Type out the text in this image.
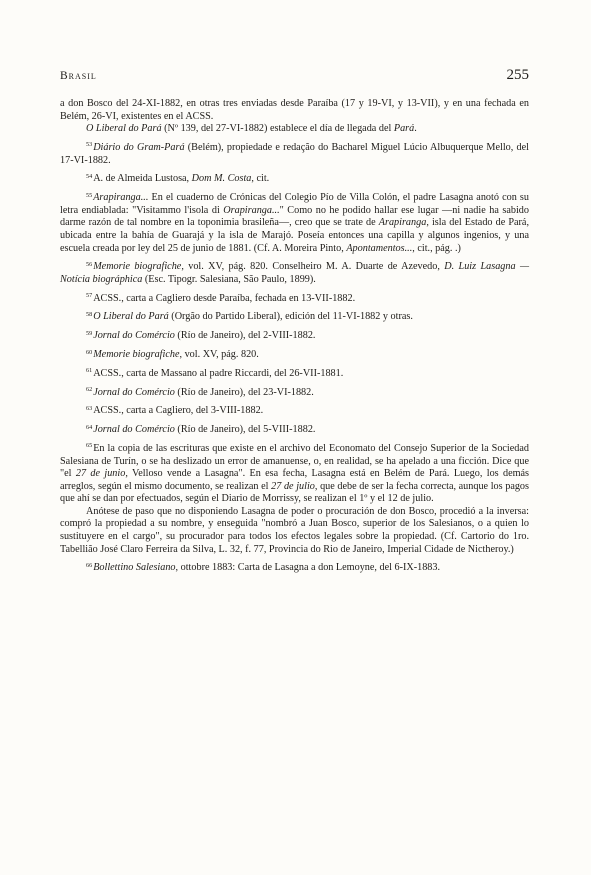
Brasil	255

a don Bosco del 24-XI-1882, en otras tres enviadas desde Paraíba (17 y 19-VI, y 13-VII), y en una fechada en Belém, 26-VI, existentes en el ACSS.

O Liberal do Pará (Nº 139, del 27-VI-1882) establece el día de llegada del Pará.

$^{53}$Diário do Gram-Pará (Belém), propiedade e redação do Bacharel Miguel Lúcio Albuquerque Mello, del 17-VI-1882.

$^{54}$A. de Almeida Lustosa, Dom M. Costa, cit.

$^{55}$Arapiranga... En el cuaderno de Crónicas del Colegio Pío de Villa Colón, el padre Lasagna anotó con su letra endiablada: "Visitammo l'isola di Orapiranga..." Como no he podido hallar ese lugar —ni nadie ha sabido darme razón de tal nombre en la toponimia brasileña—, creo que se trate de Arapiranga, isla del Estado de Pará, ubicada entre la bahía de Guarajá y la isla de Marajó. Poseía entonces una capilla y algunos ingenios, y una escuela creada por ley del 25 de junio de 1881. (Cf. A. Moreira Pinto, Apontamentos..., cit., pág. .)

$^{56}$Memorie biografiche, vol. XV, pág. 820. Conselheiro M. A. Duarte de Azevedo, D. Luiz Lasagna — Notícia biográphica (Esc. Tipogr. Salesiana, São Paulo, 1899).

$^{57}$ACSS., carta a Cagliero desde Paraíba, fechada en 13-VII-1882.

$^{58}$O Liberal do Pará (Orgão do Partido Liberal), edición del 11-VI-1882 y otras.

$^{59}$Jornal do Comércio (Río de Janeiro), del 2-VIII-1882.

$^{60}$Memorie biografiche, vol. XV, pág. 820.

$^{61}$ACSS., carta de Massano al padre Riccardi, del 26-VII-1881.

$^{62}$Jornal do Comércio (Río de Janeiro), del 23-VI-1882.

$^{63}$ACSS., carta a Cagliero, del 3-VIII-1882.

$^{64}$Jornal do Comércio (Río de Janeiro), del 5-VIII-1882.

$^{65}$En la copia de las escrituras que existe en el archivo del Economato del Consejo Superior de la Sociedad Salesiana de Turín, o se ha deslizado un error de amanuense, o, en realidad, se ha apelado a una ficción. Dice que "el 27 de junio, Velloso vende a Lasagna". En esa fecha, Lasagna está en Belém de Pará. Luego, los demás arreglos, según el mismo documento, se realizan el 27 de julio, que debe de ser la fecha correcta, aunque los pagos que ahí se dan por efectuados, según el Diario de Morrissy, se realizan el 1º y el 12 de julio.

Anótese de paso que no disponiendo Lasagna de poder o procuración de don Bosco, procedió a la inversa: compró la propiedad a su nombre, y enseguida "nombró a Juan Bosco, superior de los Salesianos, o a quien lo sustituyere en el cargo", su procurador para todos los efectos legales sobre la propiedad. (Cf. Cartorio do 1ro. Tabellião José Claro Ferreira da Silva, L. 32, f. 77, Provincia do Rio de Janeiro, Imperial Cidade de Nictheroy.)

$^{66}$Bollettino Salesiano, ottobre 1883: Carta de Lasagna a don Lemoyne, del 6-IX-1883.
